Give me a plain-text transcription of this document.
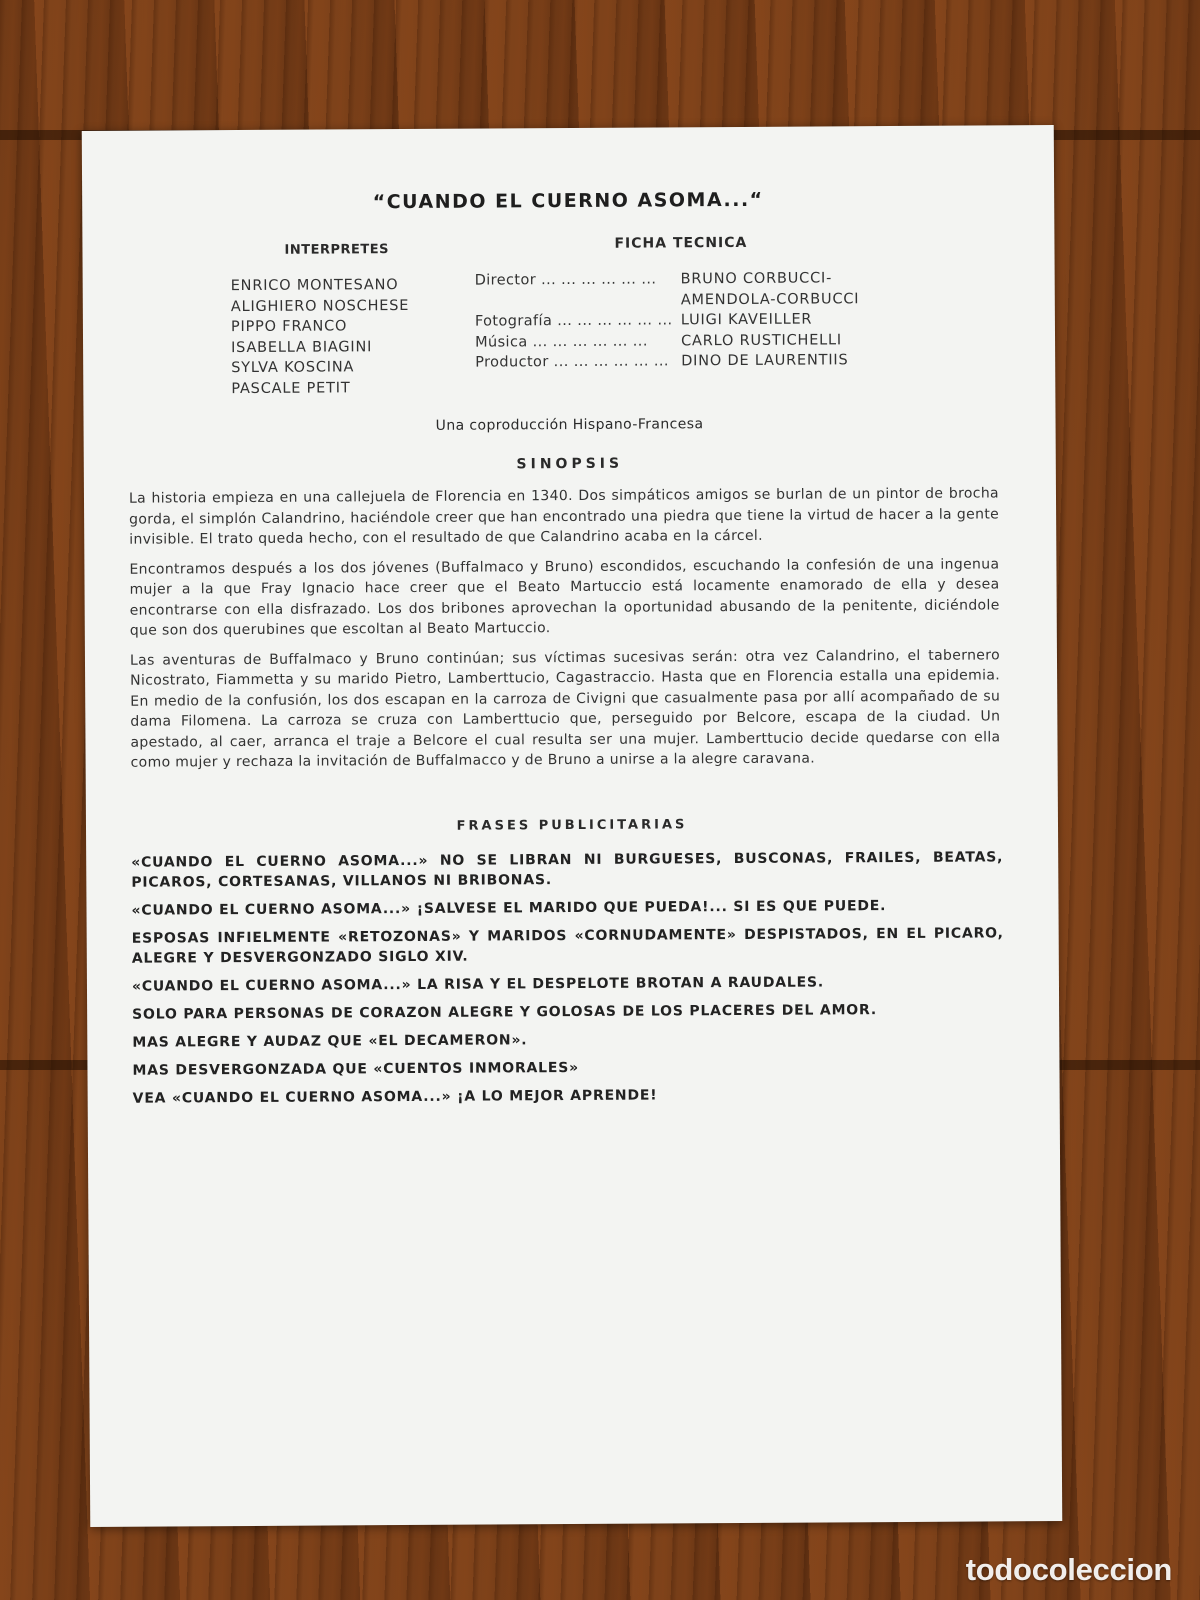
“CUANDO EL CUERNO ASOMA...“
INTERPRETES	FICHA TECNICA
ENRICO MONTESANO
ALIGHIERO NOSCHESE
PIPPO FRANCO
ISABELLA BIAGINI
SYLVA KOSCINA
PASCALE PETIT
Director ... ... ... ... ... ...	BRUNO CORBUCCI-
AMENDOLA-CORBUCCI
Fotografía ... ... ... ... ... ... LUIGI KAVEILLER
Música ... ... ... ... ... ...	CARLO RUSTICHELLI
Productor ... ... ... ... ... ... DINO DE LAURENTIIS
Una coproducción Hispano-Francesa
SINOPSIS

La historia empieza en una callejuela de Florencia en 1340. Dos simpáticos amigos se burlan de un pintor de brocha gorda, el simplón Calandrino, haciéndole creer que han encontrado una piedra que tiene la virtud de hacer a la gente invisible. El trato queda hecho, con el resultado de que Calandrino acaba en la cárcel.

Encontramos después a los dos jóvenes (Buffalmaco y Bruno) escondidos, escuchando la confesión de una ingenua mujer a la que Fray Ignacio hace creer que el Beato Martuccio está locamente enamorado de ella y desea encontrarse con ella disfrazado. Los dos bribones aprovechan la oportunidad abusando de la penitente, diciéndole que son dos querubines que escoltan al Beato Martuccio.

Las aventuras de Buffalmaco y Bruno continúan; sus víctimas sucesivas serán: otra vez Calandrino, el tabernero Nicostrato, Fiammetta y su marido Pietro, Lamberttucio, Cagastraccio. Hasta que en Florencia estalla una epidemia. En medio de la confusión, los dos escapan en la carroza de Civigni que casualmente pasa por allí acompañado de su dama Filomena. La carroza se cruza con Lamberttucio que, perseguido por Belcore, escapa de la ciudad. Un apestado, al caer, arranca el traje a Belcore el cual resulta ser una mujer. Lamberttucio decide quedarse con ella como mujer y rechaza la invitación de Buffalmacco y de Bruno a unirse a la alegre caravana.

FRASES PUBLICITARIAS

«CUANDO EL CUERNO ASOMA...» NO SE LIBRAN NI BURGUESES, BUSCONAS, FRAILES, BEATAS, PICAROS, CORTESANAS, VILLANOS NI BRIBONAS.

«CUANDO EL CUERNO ASOMA...» ¡SALVESE EL MARIDO QUE PUEDA!... SI ES QUE PUEDE.

ESPOSAS INFIELMENTE «RETOZONAS» Y MARIDOS «CORNUDAMENTE» DESPISTADOS, EN EL PICARO, ALEGRE Y DESVERGONZADO SIGLO XIV.

«CUANDO EL CUERNO ASOMA...» LA RISA Y EL DESPELOTE BROTAN A RAUDALES.

SOLO PARA PERSONAS DE CORAZON ALEGRE Y GOLOSAS DE LOS PLACERES DEL AMOR.

MAS ALEGRE Y AUDAZ QUE «EL DECAMERON».

MAS DESVERGONZADA QUE «CUENTOS INMORALES»

VEA «CUANDO EL CUERNO ASOMA...» ¡A LO MEJOR APRENDE!

todocoleccion
